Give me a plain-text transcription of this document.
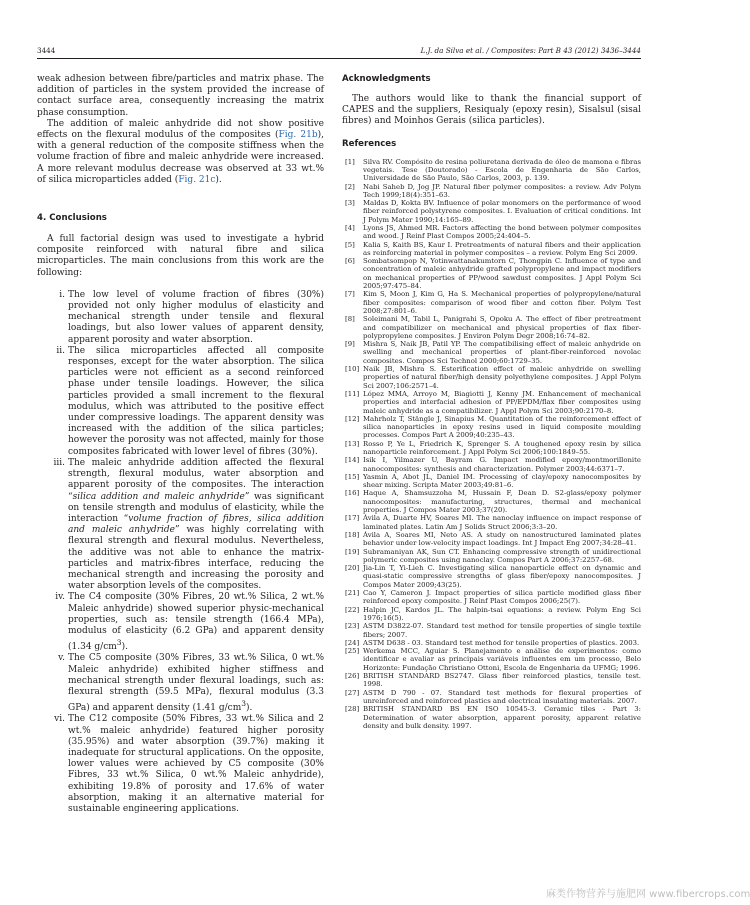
3444	L.J. da Silva et al. / Composites: Part B 43 (2012) 3436–3444

weak adhesion between fibre/particles and matrix phase. The addition of particles in the system provided the increase of contact surface area, consequently increasing the matrix phase consumption.

The addition of maleic anhydride did not show positive effects on the flexural modulus of the composites (Fig. 21b), with a general reduction of the composite stiffness when the volume fraction of fibre and maleic anhydride were increased. A more relevant modulus decrease was observed at 33 wt.% of silica microparticles added (Fig. 21c).

4. Conclusions

A full factorial design was used to investigate a hybrid composite reinforced with natural fibre and silica microparticles. The main conclusions from this work are the following:

i. The low level of volume fraction of fibres (30%) provided not only higher modulus of elasticity and mechanical strength under tensile and flexural loadings, but also lower values of apparent density, apparent porosity and water absorption.
ii. The silica microparticles affected all composite responses, except for the water absorption. The silica particles were not efficient as a second reinforced phase under tensile loadings. However, the silica particles provided a small increment to the flexural modulus, which was attributed to the positive effect under compressive loadings. The apparent density was increased with the addition of the silica particles; however the porosity was not affected, mainly for those composites fabricated with lower level of fibres (30%).
iii. The maleic anhydride addition affected the flexural strength, flexural modulus, water absorption and apparent porosity of the composites. The interaction “silica addition and maleic anhydride” was significant on tensile strength and modulus of elasticity, while the interaction “volume fraction of fibres, silica addition and maleic anhydride” was highly correlating with flexural strength and flexural modulus. Nevertheless, the additive was not able to enhance the matrix-particles and matrix-fibres interface, reducing the mechanical strength and increasing the porosity and water absorption levels of the composites.
iv. The C4 composite (30% Fibres, 20 wt.% Silica, 2 wt.% Maleic anhydride) showed superior physic-mechanical properties, such as: tensile strength (166.4 MPa), modulus of elasticity (6.2 GPa) and apparent density (1.34 $g/cm^3$).
v. The C5 composite (30% Fibres, 33 wt.% Silica, 0 wt.% Maleic anhydride) exhibited higher stiffness and mechanical strength under flexural loadings, such as: flexural strength (59.5 MPa), flexural modulus (3.3 GPa) and apparent density (1.41 $g/cm^3$).
vi. The C12 composite (50% Fibres, 33 wt.% Silica and 2 wt.% maleic anhydride) featured higher porosity (35.95%) and water absorption (39.7%) making it inadequate for structural applications. On the opposite, lower values were achieved by C5 composite (30% Fibres, 33 wt.% Silica, 0 wt.% Maleic anhydride), exhibiting 19.8% of porosity and 17.6% of water absorption, making it an alternative material for sustainable engineering applications.
Acknowledgments

The authors would like to thank the financial support of CAPES and the suppliers, Resiqualy (epoxy resin), Sisalsul (sisal fibres) and Moinhos Gerais (silica particles).

References
[1] Silva RV. Compósito de resina poliuretana derivada de óleo de mamona e fibras vegetais. Tese (Doutorado) - Escola de Engenharia de São Carlos, Universidade de São Paulo, São Carlos, 2003, p. 139.
[2] Nabi Saheb D, Jog JP. Natural fiber polymer composites: a review. Adv Polym Tech 1999;18(4):351–63.
[3] Maldas D, Kokta BV. Influence of polar monomers on the performance of wood fiber reinforced polystyrene composites. I. Evaluation of critical conditions. Int J Polym Mater 1990;14:165–89.
[4] Lyons JS, Ahmed MR. Factors affecting the bond between polymer composites and wood. J Reinf Plast Compos 2005;24:404–5.
[5] Kalia S, Kaith BS, Kaur I. Pretreatments of natural fibers and their application as reinforcing material in polymer composites – a review. Polym Eng Sci 2009.
[6] Sombatsompop N, Yotinwattanakumtorn C, Thongpin C. Influence of type and concentration of maleic anhydride grafted polypropylene and impact modifiers on mechanical properties of PP/wood sawdust composites. J Appl Polym Sci 2005;97:475–84.
[7] Kim S, Moon J, Kim G, Ha S. Mechanical properties of polypropylene/natural fiber composites: comparison of wood fiber and cotton fiber. Polym Test 2008;27:801–6.
[8] Soleimani M, Tabil L, Panigrahi S, Opoku A. The effect of fiber pretreatment and compatibilizer on mechanical and physical properties of flax fiber-polypropylene composites. J Environ Polym Degr 2008;16:74–82.
[9] Mishra S, Naik JB, Patil YP. The compatibilising effect of maleic anhydride on swelling and mechanical properties of plant-fiber-reinforced novolac composites. Compos Sci Technol 2000;60:1729–35.
[10] Naik JB, Mishra S. Esterification effect of maleic anhydride on swelling properties of natural fiber/high density polyethylene composites. J Appl Polym Sci 2007;106:2571–4.
[11] López MMA, Arroyo M, Biagiotti J, Kenny JM. Enhancement of mechanical properties and interfacial adhesion of PP/EPDM/flax fiber composites using maleic anhydride as a compatibilizer. J Appl Polym Sci 2003;90:2170–8.
[12] Mahrholz T, Stängle J, Sinapius M. Quantitation of the reinforcement effect of silica nanoparticles in epoxy resins used in liquid composite moulding processes. Compos Part A 2009;40:235–43.
[13] Rosso P, Ye L, Friedrich K, Sprenger S. A toughened epoxy resin by silica nanoparticle reinforcement. J Appl Polym Sci 2006;100:1849–55.
[14] Isik I, Yilmazer U, Bayram G. Impact modified epoxy/montmorillonite nanocomposites: synthesis and characterization. Polymer 2003;44:6371–7.
[15] Yasmin A, Abot JL, Daniel IM. Processing of clay/epoxy nanocomposites by shear mixing. Scripta Mater 2003;49:81–6.
[16] Haque A, Shamsuzzoha M, Hussain F, Dean D. S2-glass/epoxy polymer nanocomposites: manufacturing, structures, thermal and mechanical properties. J Compos Mater 2003;37(20).
[17] Ávila A, Duarte HV, Soares MI. The nanoclay influence on impact response of laminated plates. Latin Am J Solids Struct 2006;3:3–20.
[18] Ávila A, Soares MI, Neto AS. A study on nanostructured laminated plates behavior under low-velocity impact loadings. Int J Impact Eng 2007;34:28–41.
[19] Subramaniyan AK, Sun CT. Enhancing compressive strength of unidirectional polymeric composites using nanoclay. Compos Part A 2006;37:2257–68.
[20] Jia-Lin T, Yi-Lieh C. Investigating silica nanoparticle effect on dynamic and quasi-static compressive strengths of glass fiber/epoxy nanocomposites. J Compos Mater 2009;43(25).
[21] Cao Y, Cameron J. Impact properties of silica particle modified glass fiber reinforced epoxy composite. J Reinf Plast Compos 2006;25(7).
[22] Halpin JC, Kardos JL. The halpin-tsai equations: a review. Polym Eng Sci 1976;16(5).
[23] ASTM D3822-07. Standard test method for tensile properties of single textile fibers; 2007.
[24] ASTM D638 - 03. Standard test method for tensile properties of plastics. 2003.
[25] Werkema MCC, Aguiar S. Planejamento e análise de experimentos: como identificar e avaliar as principais variáveis influentes em um processo, Belo Horizonte: Fundação Christiano Ottoni, Escola de Engenharia da UFMG; 1996.
[26] BRITISH STANDARD BS2747. Glass fiber reinforced plastics, tensile test. 1998.
[27] ASTM D 790 - 07. Standard test methods for flexural properties of unreinforced and reinforced plastics and electrical insulating materials. 2007.
[28] BRITISH STANDARD BS EN ISO 10545-3. Ceramic tiles - Part 3: Determination of water absorption, apparent porosity, apparent relative density and bulk density. 1997.
麻类作物营养与施肥网 www.fibercrops.com
